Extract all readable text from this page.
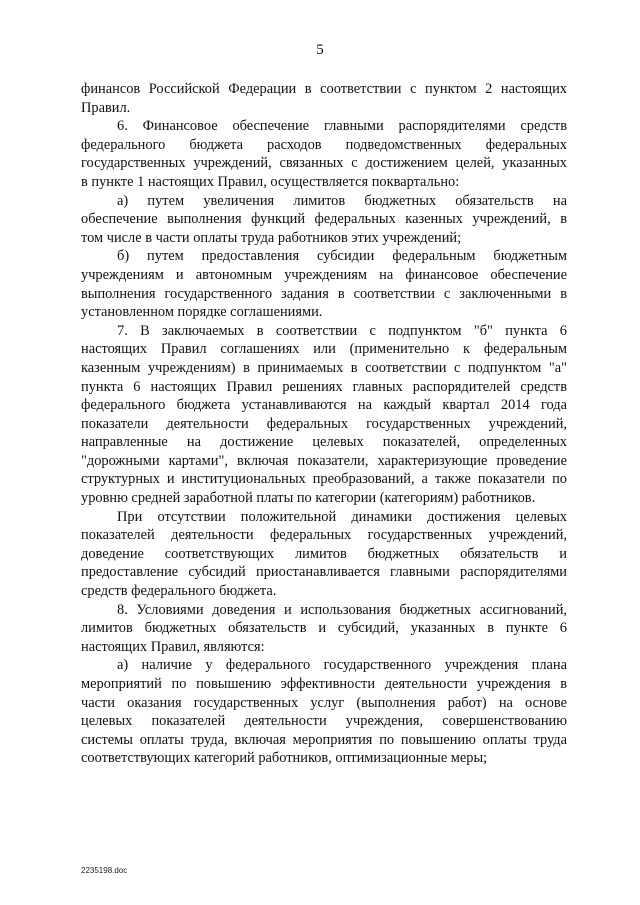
5
финансов Российской Федерации в соответствии с пунктом 2 настоящих
Правил.
6. Финансовое обеспечение главными распорядителями средств
федерального бюджета расходов подведомственных федеральных
государственных учреждений, связанных с достижением целей, указанных
в пункте 1 настоящих Правил, осуществляется поквартально:
а) путем увеличения лимитов бюджетных обязательств на
обеспечение выполнения функций федеральных казенных учреждений, в
том числе в части оплаты труда работников этих учреждений;
б) путем предоставления субсидии федеральным бюджетным
учреждениям и автономным учреждениям на финансовое обеспечение
выполнения государственного задания в соответствии с заключенными в
установленном порядке соглашениями.
7. В заключаемых в соответствии с подпунктом "б" пункта 6
настоящих Правил соглашениях или (применительно к федеральным
казенным учреждениям) в принимаемых в соответствии с подпунктом "а"
пункта 6 настоящих Правил решениях главных распорядителей средств
федерального бюджета устанавливаются на каждый квартал 2014 года
показатели деятельности федеральных государственных учреждений,
направленные на достижение целевых показателей, определенных
"дорожными картами", включая показатели, характеризующие проведение
структурных и институциональных преобразований, а также показатели по
уровню средней заработной платы по категории (категориям) работников.
При отсутствии положительной динамики достижения целевых
показателей деятельности федеральных государственных учреждений,
доведение соответствующих лимитов бюджетных обязательств и
предоставление субсидий приостанавливается главными распорядителями
средств федерального бюджета.
8. Условиями доведения и использования бюджетных ассигнований,
лимитов бюджетных обязательств и субсидий, указанных в пункте 6
настоящих Правил, являются:
а) наличие у федерального государственного учреждения плана
мероприятий по повышению эффективности деятельности учреждения в
части оказания государственных услуг (выполнения работ) на основе
целевых показателей деятельности учреждения, совершенствованию
системы оплаты труда, включая мероприятия по повышению оплаты труда
соответствующих категорий работников, оптимизационные меры;
2235198.doc
